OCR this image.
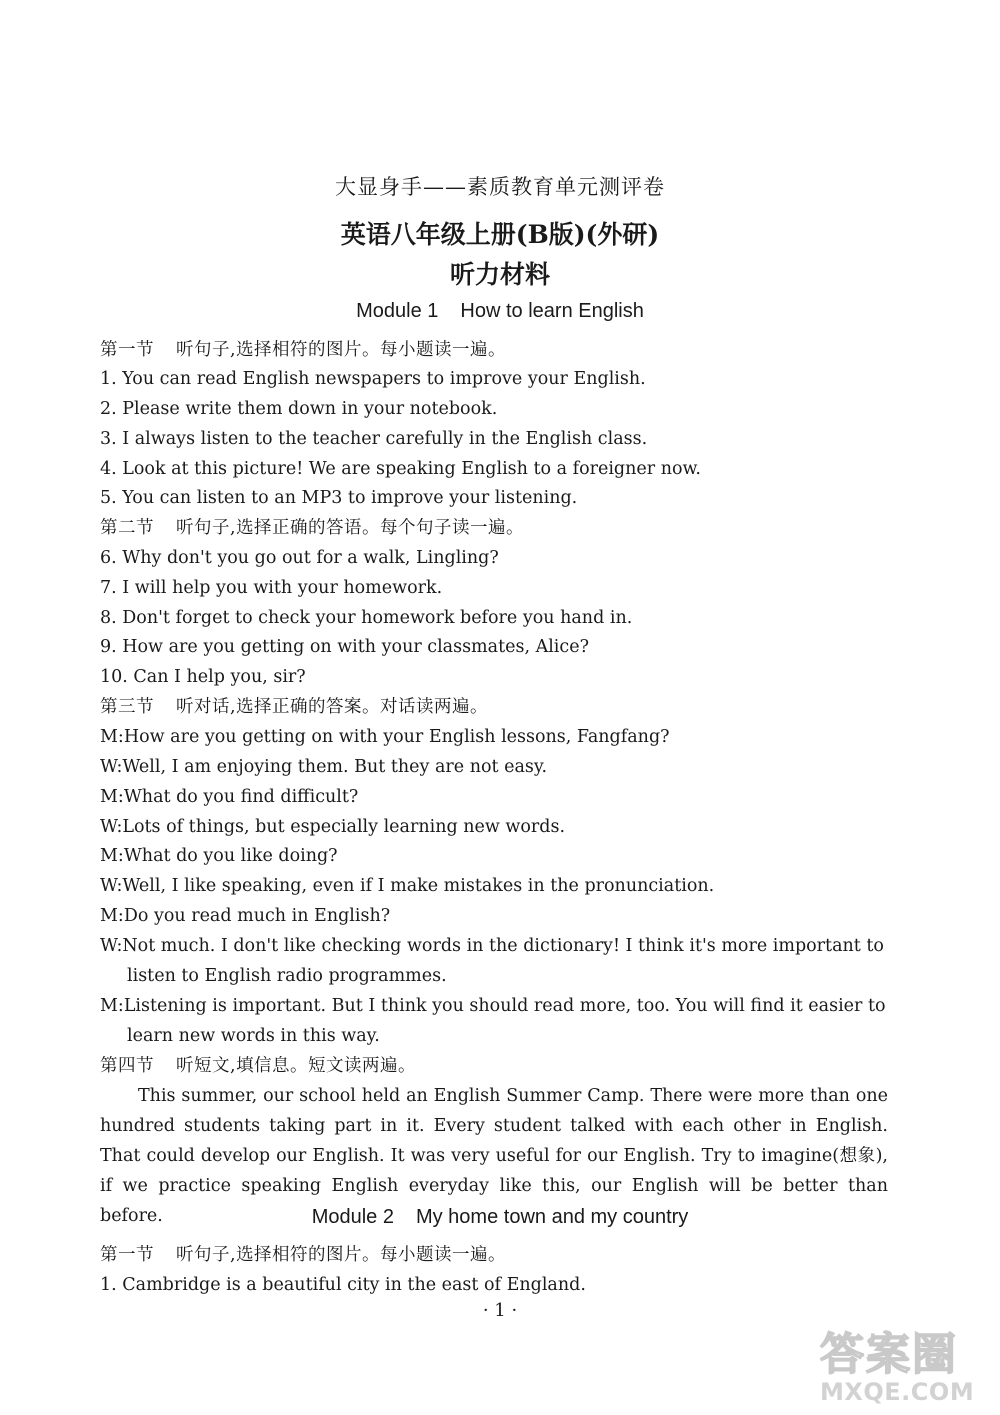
大显身手——素质教育单元测评卷
英语八年级上册(B版)(外研)
听力材料
Module 1 How to learn English
第一节 听句子,选择相符的图片。每小题读一遍。
1. You can read English newspapers to improve your English.
2. Please write them down in your notebook.
3. I always listen to the teacher carefully in the English class.
4. Look at this picture! We are speaking English to a foreigner now.
5. You can listen to an MP3 to improve your listening.
第二节 听句子,选择正确的答语。每个句子读一遍。
6. Why don't you go out for a walk, Lingling?
7. I will help you with your homework.
8. Don't forget to check your homework before you hand in.
9. How are you getting on with your classmates, Alice?
10. Can I help you, sir?
第三节 听对话,选择正确的答案。对话读两遍。
M:How are you getting on with your English lessons, Fangfang?
W:Well, I am enjoying them. But they are not easy.
M:What do you find difficult?
W:Lots of things, but especially learning new words.
M:What do you like doing?
W:Well, I like speaking, even if I make mistakes in the pronunciation.
M:Do you read much in English?
W:Not much. I don't like checking words in the dictionary! I think it's more important to
listen to English radio programmes.
M:Listening is important. But I think you should read more, too. You will find it easier to
learn new words in this way.
第四节 听短文,填信息。短文读两遍。
This summer, our school held an English Summer Camp. There were more than one hundred students taking part in it. Every student talked with each other in English. That could develop our English. It was very useful for our English. Try to imagine(想象), if we practice speaking English everyday like this, our English will be better than before.	Module 2 My home town and my country
第一节 听句子,选择相符的图片。每小题读一遍。
1. Cambridge is a beautiful city in the east of England.
· 1 ·
答案圈
MXQE.COM
